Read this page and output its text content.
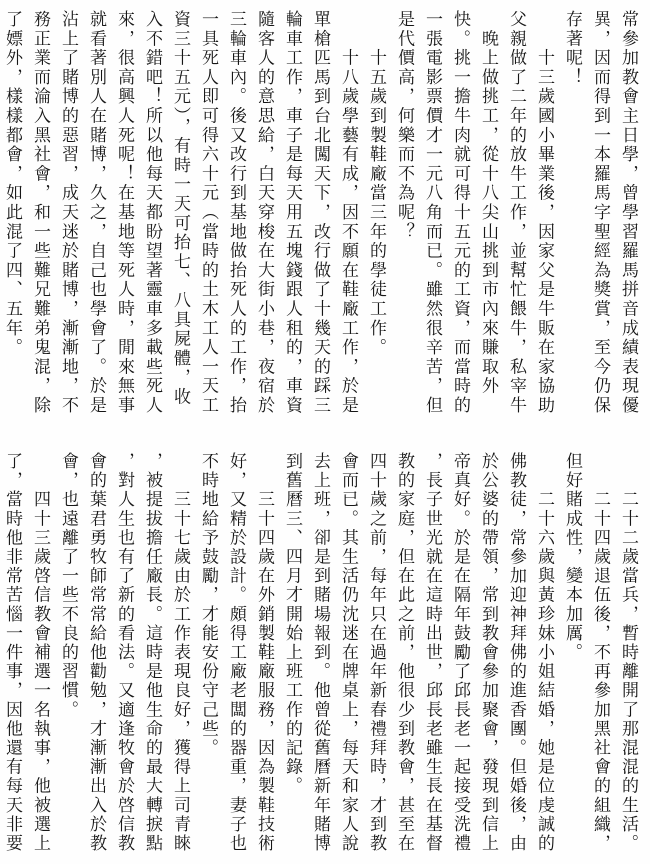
常參加教會主日學，曾學習羅馬拼音成績表現優
異，因而得到一本羅馬字聖經為獎賞，至今仍保
存著呢！
　　十三歲國小畢業後，因家父是牛販在家協助
父親做了二年的放牛工作，並幫忙餵牛，私宰牛
　晚上做挑工，從十八尖山挑到市內來賺取外
快。挑一擔牛肉就可得十五元的工資，而當時的
一張電影票價才一元八角而已。雖然很辛苦，但
是代價高，何樂而不為呢？
　　十五歲到製鞋廠當三年的學徒工作。
　　十八歲學藝有成，因不願在鞋廠工作，於是
單槍匹馬到台北闖天下，改行做了十幾天的踩三
輪車工作，車子是每天用五塊錢跟人租的，車資
隨客人的意思給，白天穿梭在大街小巷，夜宿於
三輪車內。後又改行到基地做抬死人的工作，抬
一具死人即可得六十元（當時的土木工人一天工
資三十五元），有時一天可抬七、八具屍體，收
入不錯吧！所以他每天都盼望著靈車多載些死人
來，很高興人死呢！在基地等死人時，閒來無事
就看著別人在賭博，久之，自己也學會了。於是
沾上了賭博的惡習，成天迷於賭博，漸漸地，不
務正業而淪入黑社會，和一些難兄難弟鬼混，除
了嫖外，樣樣都會，如此混了四、五年。
　　二十二歲當兵，暫時離開了那混混的生活。
　　二十四歲退伍後，不再參加黑社會的組織，
但好賭成性，變本加厲。
　　二十六歲與黃珍妹小姐結婚，她是位虔誠的
佛教徒，常參加迎神拜佛的進香團。但婚後，由
於公婆的帶領，常到教會參加聚會，發現到信上
帝真好。於是在隔年鼓勵了邱長老一起接受洗禮
，長子世光就在這時出世，邱長老雖生長在基督
教的家庭，但在此之前，他很少到教會，甚至在
四十歲之前，每年只在過年新春禮拜時，才到教
會而已。其生活仍沈迷在牌桌上，每天和家人說
去上班，卻是到賭場報到。他曾從舊曆新年賭博
到舊曆三、四月才開始上班工作的記錄。
　　三十四歲在外銷製鞋廠服務，因為製鞋技術
好，又精於設計。頗得工廠老闆的器重，妻子也
不時地給予鼓勵，才能安份守己些。
　　三十七歲由於工作表現良好，獲得上司青睞
，被提拔擔任廠長。這時是他生命的最大轉捩點
，對人生也有了新的看法。又適逢牧會於啓信教
會的葉君勇牧師常常給他勸勉，才漸漸出入於教
會，也遠離了一些不良的習慣。
　　四十三歲啓信教會補選一名執事，他被選上
了，當時他非常苦惱一件事，因他還有每天非要
